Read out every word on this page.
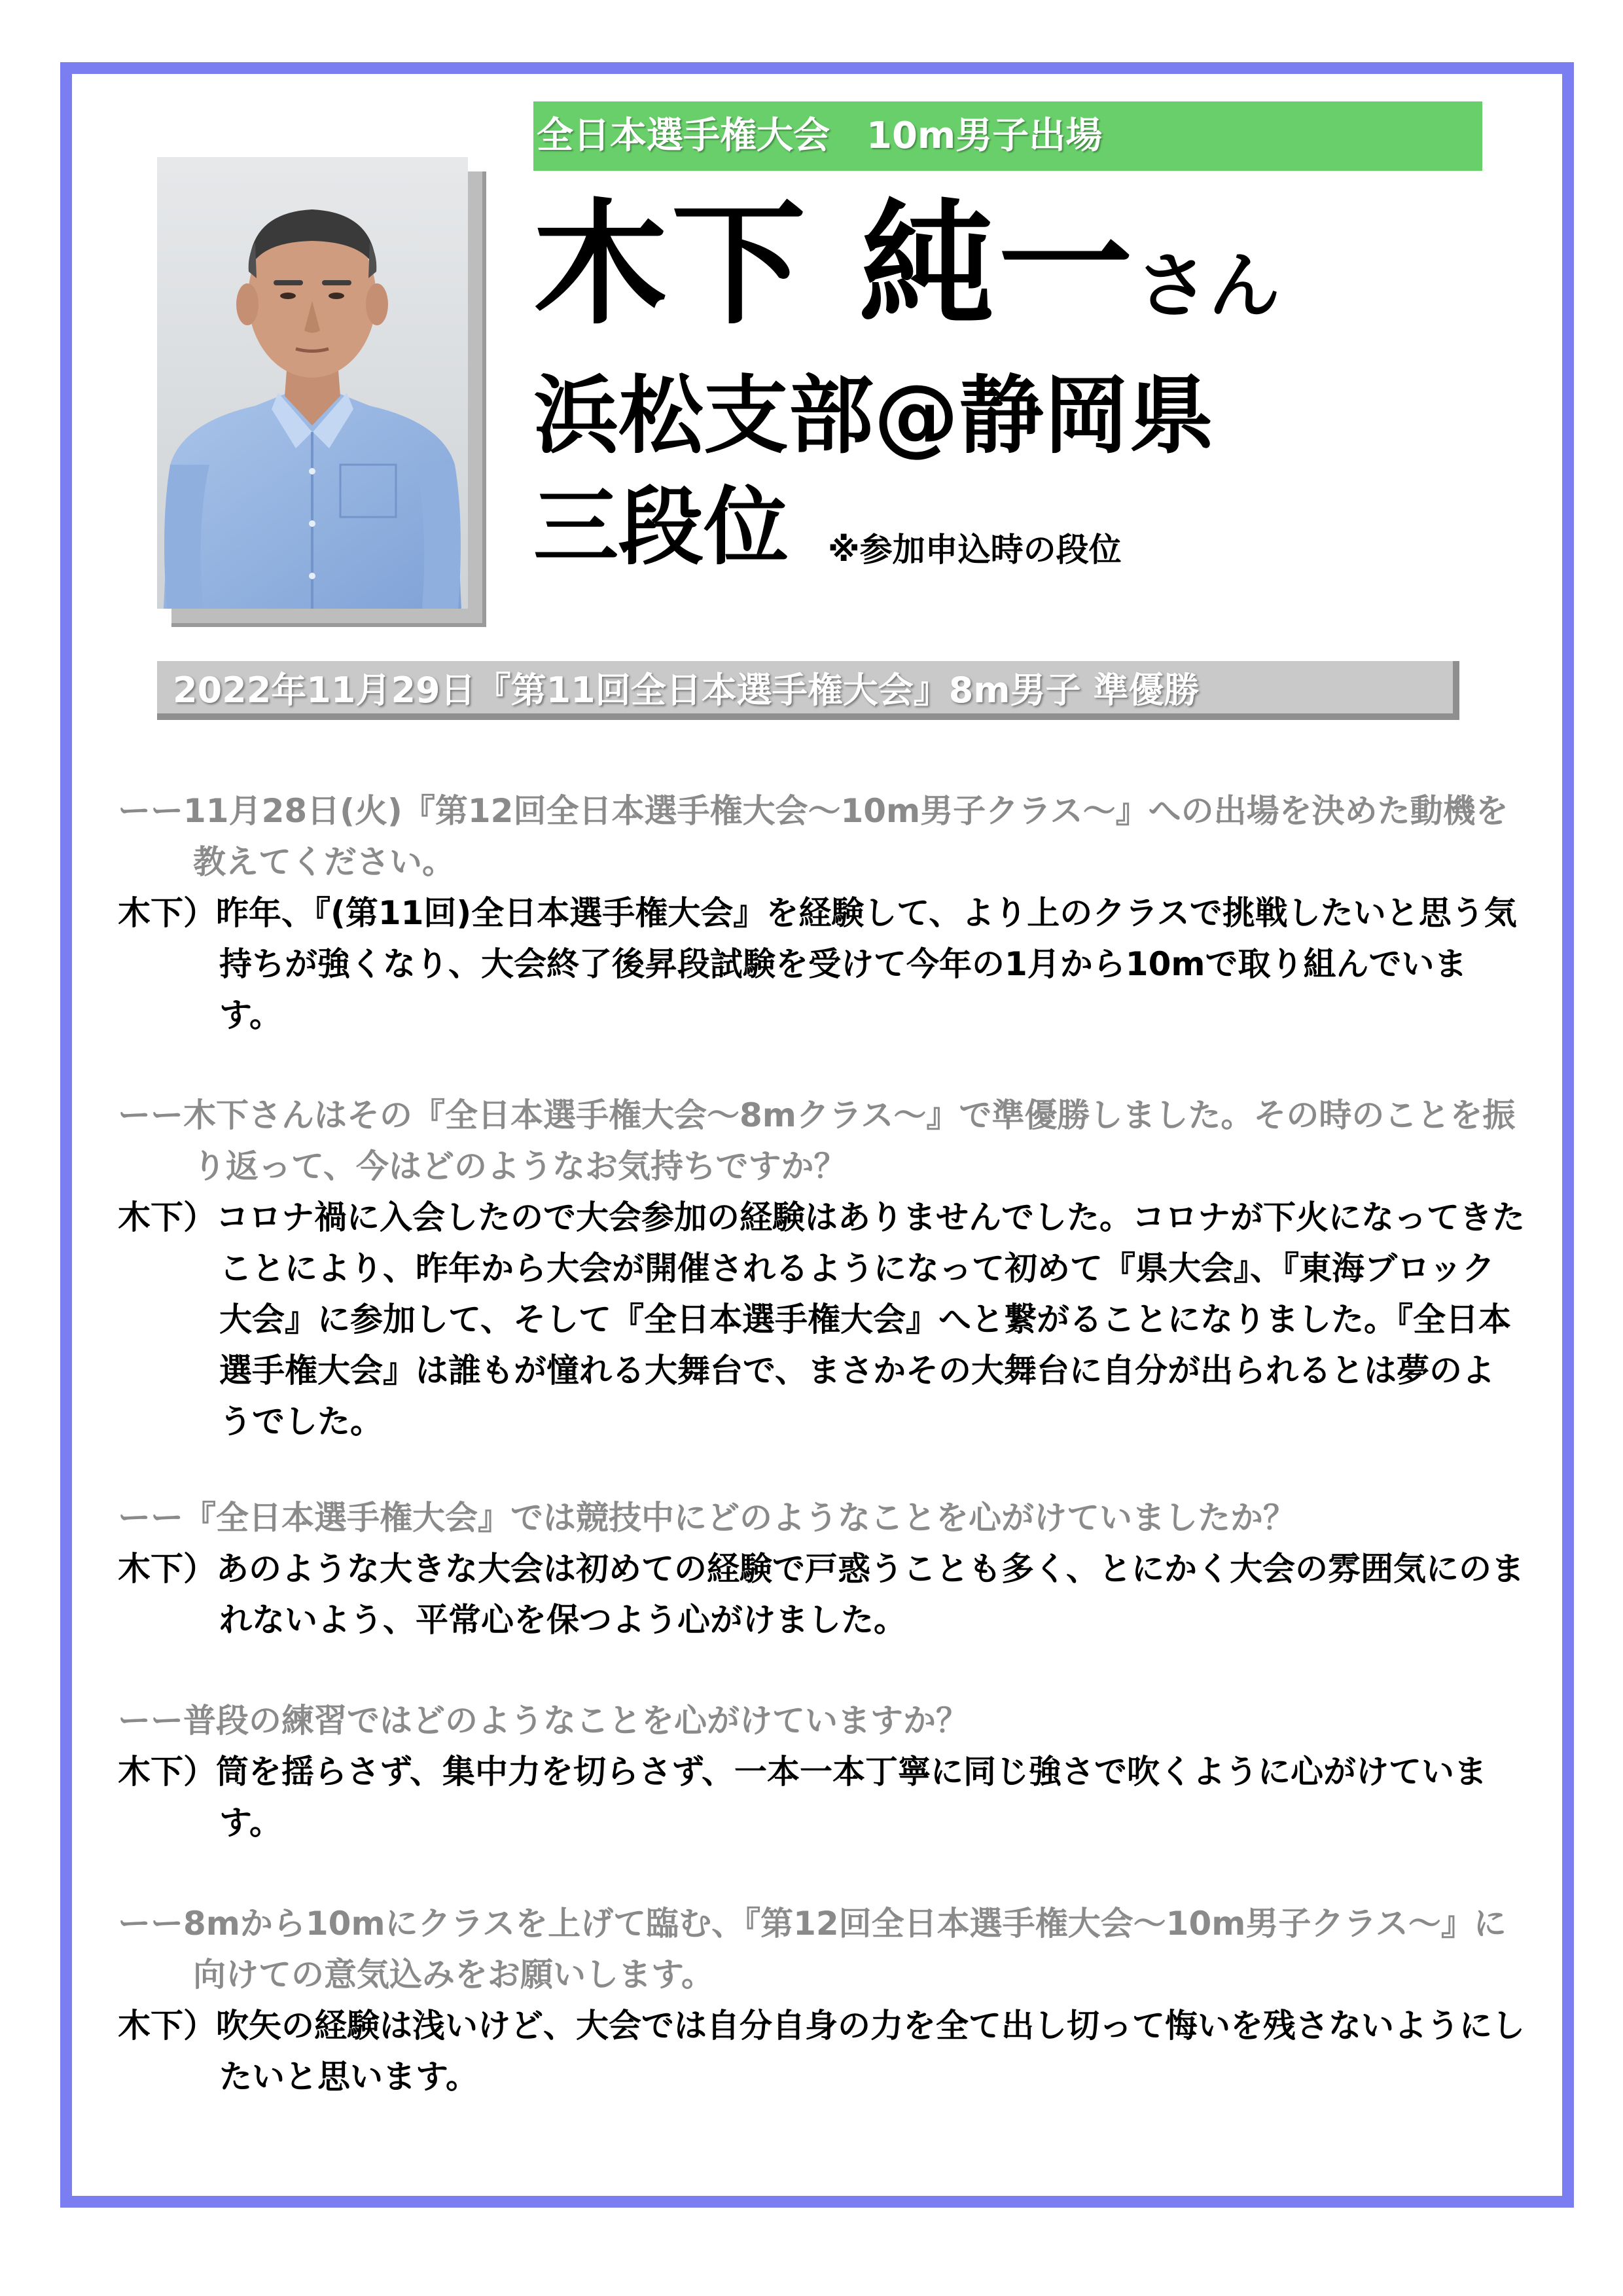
全日本選手権大会　10m男子出場
木下 純一さん
浜松支部@静岡県
三段位 ※参加申込時の段位
2022年11月29日『第11回全日本選手権大会』8m男子 準優勝
ーー11月28日(火)『第12回全日本選手権大会～10m男子クラス～』への出場を決めた動機を教えてください。
木下）昨年、『(第11回)全日本選手権大会』を経験して、より上のクラスで挑戦したいと思う気持ちが強くなり、大会終了後昇段試験を受けて今年の1月から10mで取り組んでいます。
ーー木下さんはその『全日本選手権大会～8mクラス～』で準優勝しました。その時のことを振り返って、今はどのようなお気持ちですか？
木下）コロナ禍に入会したので大会参加の経験はありませんでした。コロナが下火になってきたことにより、昨年から大会が開催されるようになって初めて『県大会』、『東海ブロック大会』に参加して、そして『全日本選手権大会』へと繋がることになりました。『全日本選手権大会』は誰もが憧れる大舞台で、まさかその大舞台に自分が出られるとは夢のようでした。
ーー『全日本選手権大会』では競技中にどのようなことを心がけていましたか？
木下）あのような大きな大会は初めての経験で戸惑うことも多く、とにかく大会の雰囲気にのまれないよう、平常心を保つよう心がけました。
ーー普段の練習ではどのようなことを心がけていますか？
木下）筒を揺らさず、集中力を切らさず、一本一本丁寧に同じ強さで吹くように心がけています。
ーー8mから10mにクラスを上げて臨む、『第12回全日本選手権大会～10m男子クラス～』に向けての意気込みをお願いします。
木下）吹矢の経験は浅いけど、大会では自分自身の力を全て出し切って悔いを残さないようにしたいと思います。
